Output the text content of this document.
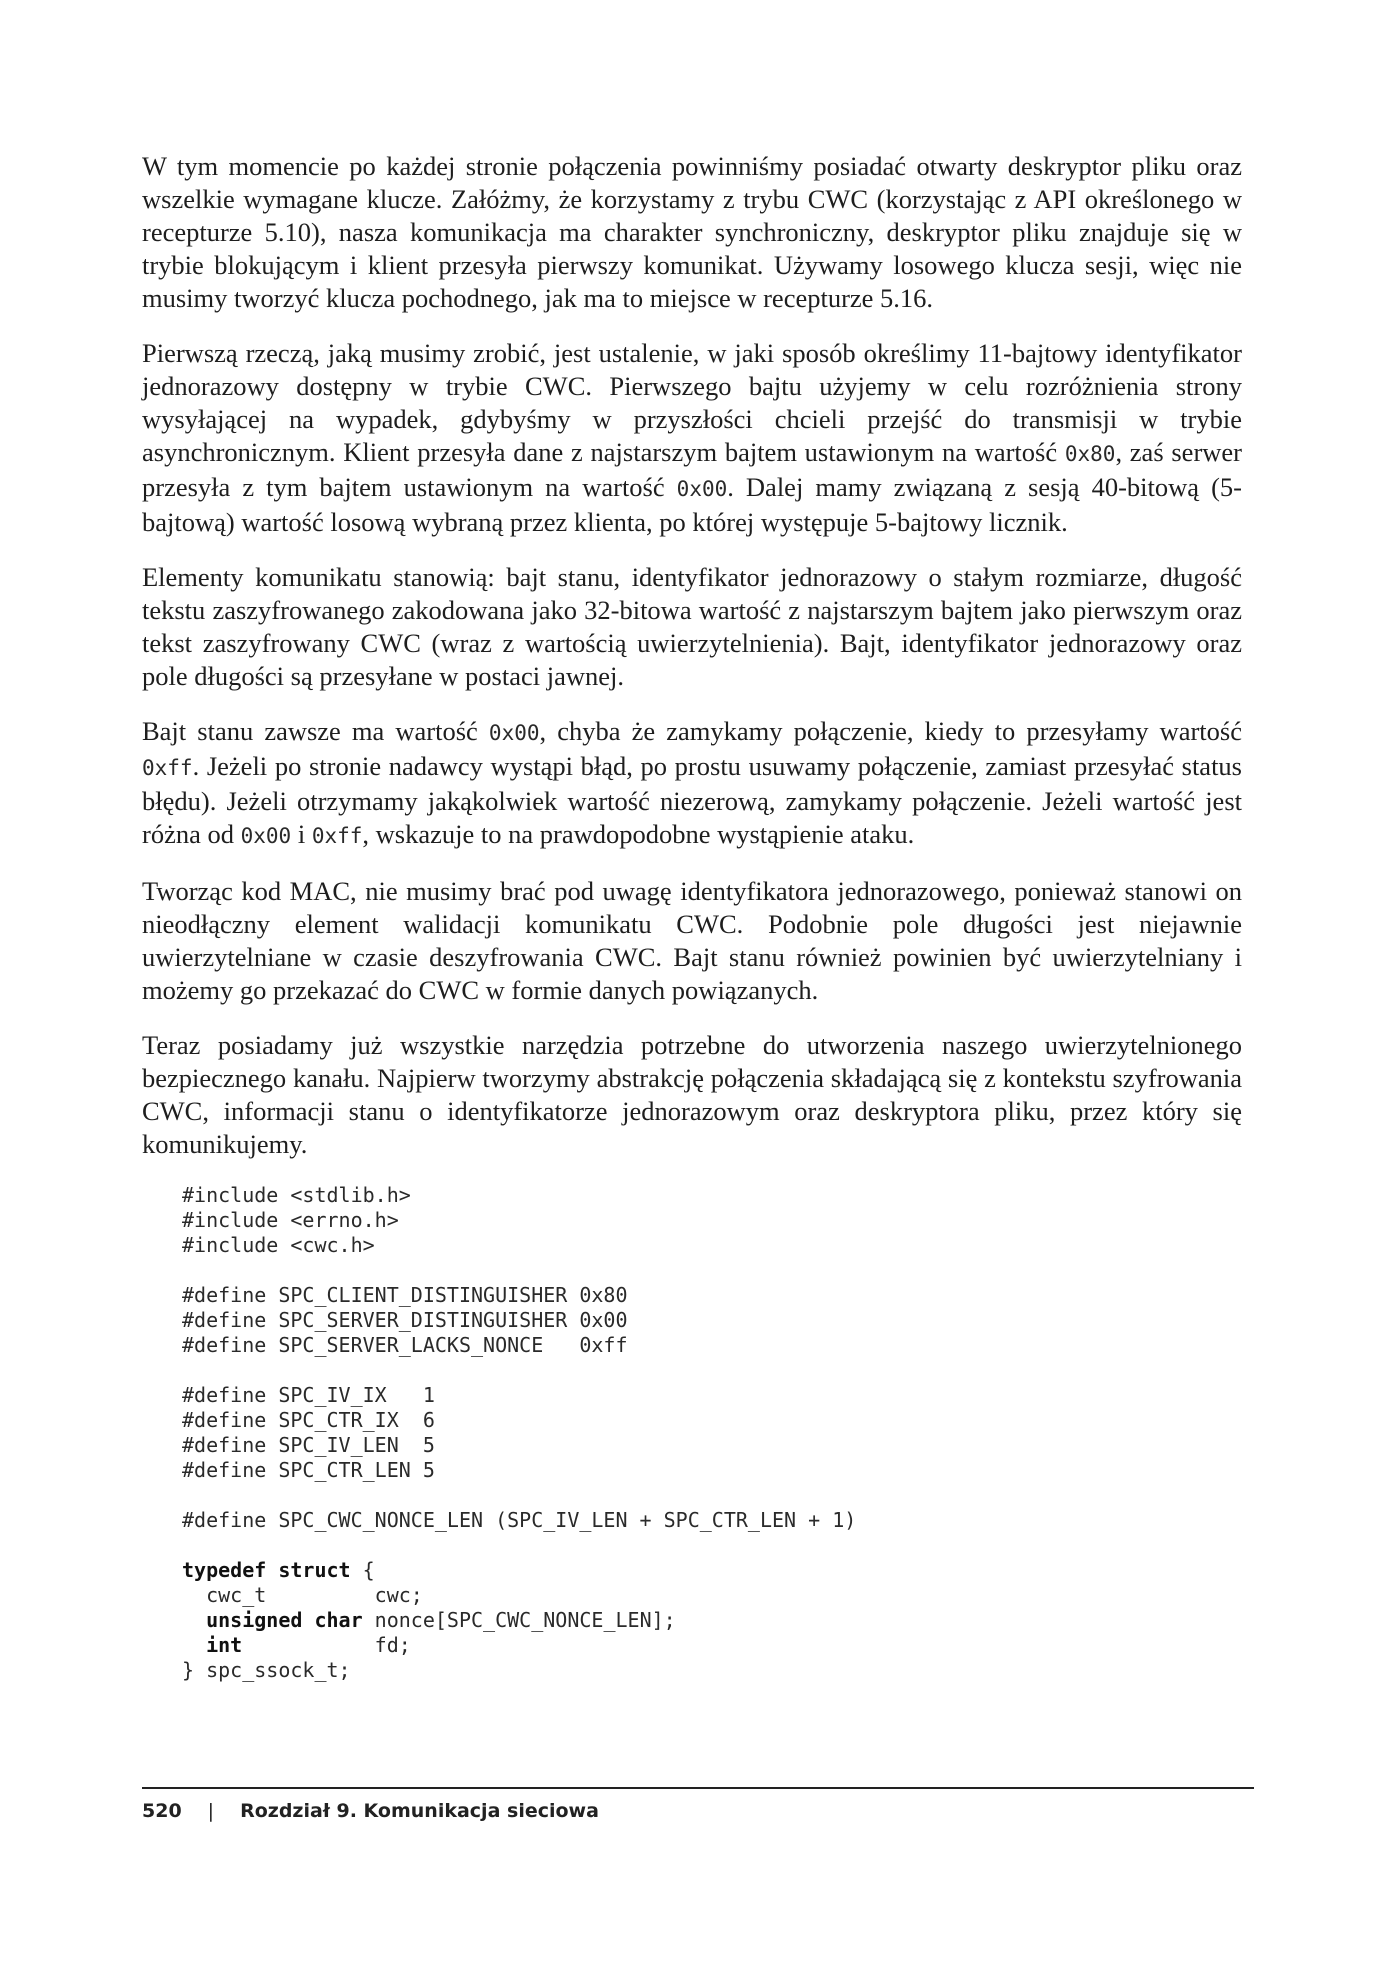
W tym momencie po każdej stronie połączenia powinniśmy posiadać otwarty deskryptor pliku oraz wszelkie wymagane klucze. Załóżmy, że korzystamy z trybu CWC (korzystając z API określonego w recepturze 5.10), nasza komunikacja ma charakter synchroniczny, deskryptor pliku znajduje się w trybie blokującym i klient przesyła pierwszy komunikat. Używamy losowego klucza sesji, więc nie musimy tworzyć klucza pochodnego, jak ma to miejsce w recepturze 5.16.

Pierwszą rzeczą, jaką musimy zrobić, jest ustalenie, w jaki sposób określimy 11-bajtowy identyfikator jednorazowy dostępny w trybie CWC. Pierwszego bajtu użyjemy w celu rozróżnienia strony wysyłającej na wypadek, gdybyśmy w przyszłości chcieli przejść do transmisji w trybie asynchronicznym. Klient przesyła dane z najstarszym bajtem ustawionym na wartość 0x80, zaś serwer przesyła z tym bajtem ustawionym na wartość 0x00. Dalej mamy związaną z sesją 40-bitową (5-bajtową) wartość losową wybraną przez klienta, po której występuje 5-bajtowy licznik.

Elementy komunikatu stanowią: bajt stanu, identyfikator jednorazowy o stałym rozmiarze, długość tekstu zaszyfrowanego zakodowana jako 32-bitowa wartość z najstarszym bajtem jako pierwszym oraz tekst zaszyfrowany CWC (wraz z wartością uwierzytelnienia). Bajt, identyfikator jednorazowy oraz pole długości są przesyłane w postaci jawnej.

Bajt stanu zawsze ma wartość 0x00, chyba że zamykamy połączenie, kiedy to przesyłamy wartość 0xff. Jeżeli po stronie nadawcy wystąpi błąd, po prostu usuwamy połączenie, zamiast przesyłać status błędu). Jeżeli otrzymamy jakąkolwiek wartość niezerową, zamykamy połączenie. Jeżeli wartość jest różna od 0x00 i 0xff, wskazuje to na prawdopodobne wystąpienie ataku.

Tworząc kod MAC, nie musimy brać pod uwagę identyfikatora jednorazowego, ponieważ stanowi on nieodłączny element walidacji komunikatu CWC. Podobnie pole długości jest niejawnie uwierzytelniane w czasie deszyfrowania CWC. Bajt stanu również powinien być uwierzytelniany i możemy go przekazać do CWC w formie danych powiązanych.

Teraz posiadamy już wszystkie narzędzia potrzebne do utworzenia naszego uwierzytelnionego bezpiecznego kanału. Najpierw tworzymy abstrakcję połączenia składającą się z kontekstu szyfrowania CWC, informacji stanu o identyfikatorze jednorazowym oraz deskryptora pliku, przez który się komunikujemy.

#include <stdlib.h>
#include <errno.h>
#include <cwc.h>
#define SPC_CLIENT_DISTINGUISHER 0x80
#define SPC_SERVER_DISTINGUISHER 0x00
#define SPC_SERVER_LACKS_NONCE   0xff
#define SPC_IV_IX   1
#define SPC_CTR_IX  6
#define SPC_IV_LEN  5
#define SPC_CTR_LEN 5
#define SPC_CWC_NONCE_LEN (SPC_IV_LEN + SPC_CTR_LEN + 1)
typedef struct {
cwc_t         cwc;
unsigned char nonce[SPC_CWC_NONCE_LEN];
int           fd;
} spc_ssock_t;
520 | Rozdział 9. Komunikacja sieciowa
